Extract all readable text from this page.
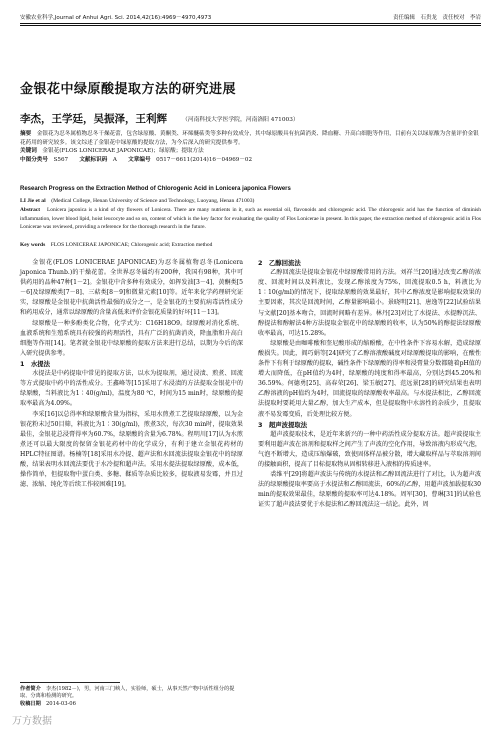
安徽农业科学,Journal of Anhui Agri. Sci. 2014,42(16):4969－4970,4973	责任编辑　石贵龙　责任校对　李岩
金银花中绿原酸提取方法的研究进展
李杰，王学廷，吴振泽，王利辉	（河南科技大学医学院，河南洛阳 471003）
摘要　 金银花为忍冬属植物忍冬干燥花蕾，包含绿原酸、黄酮类、环烯醚萜类等多种有效成分，其中绿原酸具有抗菌消炎、降血糖、升高白细胞等作用，目前有关以绿原酸为含量评价金银花药用的研究较多。该文综述了金银花中绿原酸的提取方法，为今后深入的研究提供参考。
关键词　 金银花(FLOS LONICERAE JAPONICAE)；绿原酸；提取方法
中图分类号　 S567　　 文献标识码　 A　　 文章编号　 0517－6611(2014)16－04969－02
Research Progress on the Extraction Method of Chlorogenic Acid in Lonicera japonica Flowers
LI Jie et al　 (Medical College, Henan University of Science and Technology, Luoyang, Henan 471003)
Abstract　 Lonicera japonica is a kind of dry flowers of Lonicera. There are many nutrients in it, such as essential oil, flavonoids and chlorogenic acid. The chlorogenic acid has the function of diminish inflammation, lower blood lipid, hoist leucocyte and so on, content of which is the key factor for evaluating the quality of Flos Lonicerae in present. In this paper, the extraction method of chlorogenic acid in Flos Lonicerae was reviewed, providing a reference for the thorough research in the future.
Key words　 FLOS LONICERAE JAPONICAE; Chlorogenic acid; Extraction method

金银花(FLOS LONICERAE JAPONICAE)为忍冬属植物忍冬(Lonicera japonica Thunb.)的干燥花蕾。全世界忍冬属约有200种，我国有98种，其中可供药用的品种47种[1－2]。金银花中含多种有效成分，如挥发油[3－4]、黄酮类[5－6]及绿原酸类[7－8]、三萜类[8－9]和微量元素[10]等。近年来化学药理研究证实，绿原酸是金银花中抗菌活性最强的成分之一，是金银花的主要抗病毒活性成分和药用成分，通常以绿原酸的含量高低来评价金银花质量的好坏[11－13]。

绿原酸是一种多酚类化合物，化学式为：C16H18O9。绿原酸对消化系统、血液系统和生殖系统具有较强的药理活性，具有广泛的抗菌消炎，降血脂和升高白细胞等作用[14]。笔者就金银花中绿原酸的提取方法来进行总结，以期为今后的深入研究提供参考。

1　水提法

水提法是中药提取中常见的提取方法，以水为提取剂，通过浸渍、煎煮、回流等方式提取中药中的活性成分。王鑫峰等[15]采用了水浸渍的方法提取金银花中的绿原酸，当料液比为1∶40(g/ml)，温度为80 ℃，时间为15 min时，绿原酸的提取率最高为4.09%。

李采[16]以总得率和绿原酸含量为指标，采用水煎煮工艺提取绿原酸，以为金银花粉末过50目筛，料液比为1∶30(g/ml)，煎煮3次，每次30 min时，提取效果最佳，金银花总浸膏得率为60.7%，绿原酸的含量为6.78%。程明川[17]认为水煎煮还可以最大限度的保留金银花药材中的化学成分，有利于建立金银花药材的HPLC特征图谱。杨楠等[18]采用水冷提、超声法和水回流法提取金银花中的绿原酸，结果表明水回流法要优于水冷提和超声法。采用水提法提取绿原酸，成本低，操作简单，但提取物中蛋白类、多糖、鞣质等杂质比较多，提取液易发霉，并且过滤、浓缩、纯化等后续工作较困难[19]。

2　乙醇回流法

乙醇回流法是提取金银花中绿原酸常用的方法。刘祥兰[20]通过改变乙醇的浓度、回流时间以及料液比，发现乙醇浓度为75%，回流提取0.5 h，料液比为1∶10(g/ml)的情况下，提取绿原酸的效果最好，其中乙醇浓度是影响提取效果的主要因素，其次是回流时间，乙醇量影响最小。景晓明[21]、唐逸等[22]试验结果与文献[20]基本吻合，回流时间略有差异。林丹[23]对比了水提法、水提醇沉法、醇提法和醇解法4种方法提取金银花中的绿原酸的收率，认为50%的醇提法绿原酸收率最高，可达15.28%。

绿原酸是由咖啡酸和奎尼酸形成的缩酚酸，在中性条件下容易水解，造成绿原酸损失。因此，阎巧娟等[24]研究了乙醇溶液酸碱度对绿原酸提取的影响，在酸性条件下有利于绿原酸的提取，碱性条件下绿原酸的得率和浸膏量分数都随着pH值的增大而降低，在pH值约为4时，绿原酸的纯度和得率最高，分别达到45.20%和36.59%。何德勇[25]、高春荣[26]、梁玉敏[27]、范远景[28]的研究结果也表明乙醇溶液的pH值约为4时，回流提取的绿原酸收率最高。与水提法相比，乙醇回流法提取时要耗用大量乙醇，加大生产成本，但是提取物中水溶性的杂质少，且提取液不易发霉变质，后处理比较方便。

3　超声波提取法

超声波提取技术，是近年来新兴的一种中药活性成分提取方法。超声波提取主要利用超声波在溶剂和提取样之间产生了声波的空化作用，导致溶液内形成气泡，气泡不断增大，造成压缩爆破，致使固体样品被分散，增大藏取样品与萃取溶剂间的接触面积，提高了目标提取物从固相转移进入液相的传质速率。

裘维平[29]将超声波法与传统的水提法和乙醇回流法进行了对比，认为超声波法的绿原酸提取率要高于水提法和乙醇回流法，60%的乙醇，用超声波加载提取30 min的提取效果最佳，绿原酸的提取率可达4.18%。周军[30]、曹琳[31]的试验也证实了超声波法要优于水提法和乙醇回流法这一结论。此外，周

作者简介　 李杰(1982－)，男，河南三门峡人，实验师，硕士，从事天然产物中活性组分的提取、分离和检测的研究。
收稿日期　 2014-03-06
万方数据
